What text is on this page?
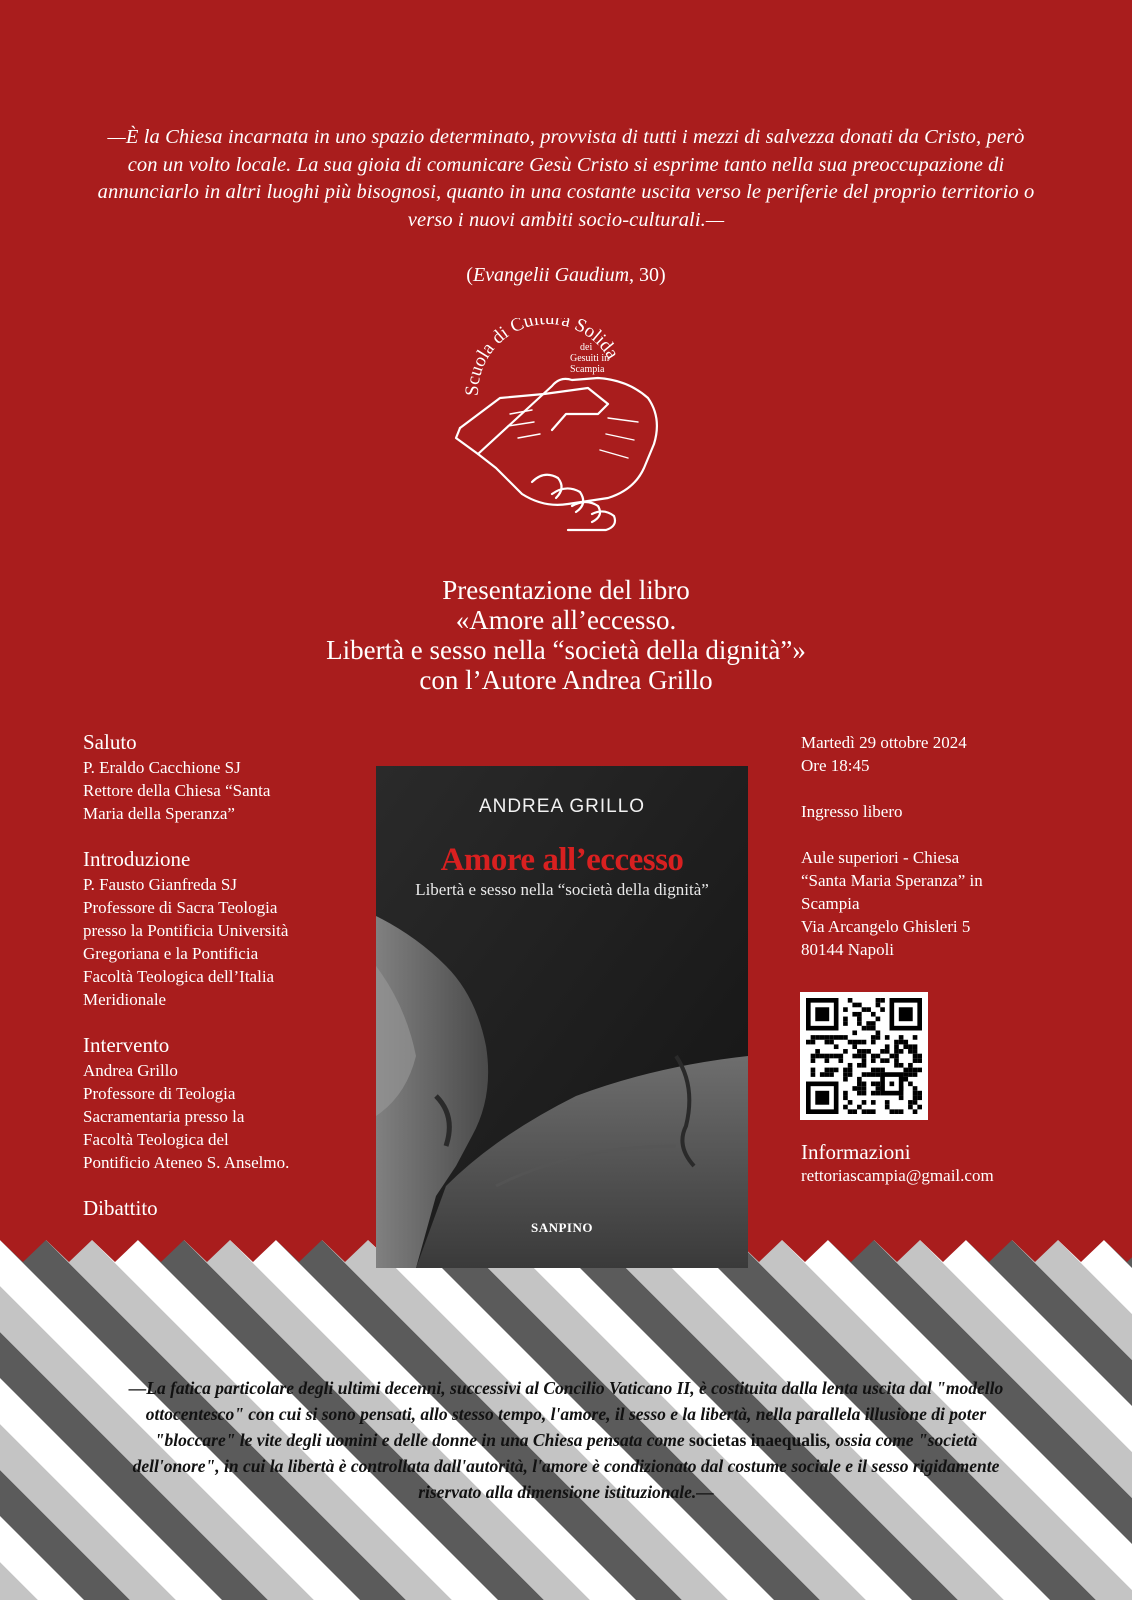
—È la Chiesa incarnata in uno spazio determinato, provvista di tutti i mezzi di salvezza donati da Cristo, però con un volto locale. La sua gioia di comunicare Gesù Cristo si esprime tanto nella sua preoccupazione di annunciarlo in altri luoghi più bisognosi, quanto in una costante uscita verso le periferie del proprio territorio o verso i nuovi ambiti socio-culturali.—
(Evangelii Gaudium, 30)
Scuola di Cultura Solida
dei
Gesuiti in
Scampia
Presentazione del libro
«Amore all’eccesso.
Libertà e sesso nella “società della dignità”»
con l’Autore Andrea Grillo
Saluto
P. Eraldo Cacchione SJ
Rettore della Chiesa “Santa
Maria della Speranza”
Introduzione
P. Fausto Gianfreda SJ
Professore di Sacra Teologia
presso la Pontificia Università
Gregoriana e la Pontificia
Facoltà Teologica dell’Italia
Meridionale
Intervento
Andrea Grillo
Professore di Teologia
Sacramentaria presso la
Facoltà Teologica del
Pontificio Ateneo S. Anselmo.
Dibattito

Martedì 29 ottobre 2024
Ore 18:45

Ingresso libero

Aule superiori - Chiesa
“Santa Maria Speranza” in
Scampia
Via Arcangelo Ghisleri 5
80144 Napoli

Informazioni
rettoriascampia@gmail.com
ANDREA GRILLO
Amore all’eccesso
Libertà e sesso nella “società della dignità”
SANPINO
—La fatica particolare degli ultimi decenni, successivi al Concilio Vaticano II, è costituita dalla lenta uscita dal "modello ottocentesco" con cui si sono pensati, allo stesso tempo, l'amore, il sesso e la libertà, nella parallela illusione di poter "bloccare" le vite degli uomini e delle donne in una Chiesa pensata come societas inaequalis, ossia come "società dell'onore", in cui la libertà è controllata dall'autorità, l'amore è condizionato dal costume sociale e il sesso rigidamente riservato alla dimensione istituzionale.—
